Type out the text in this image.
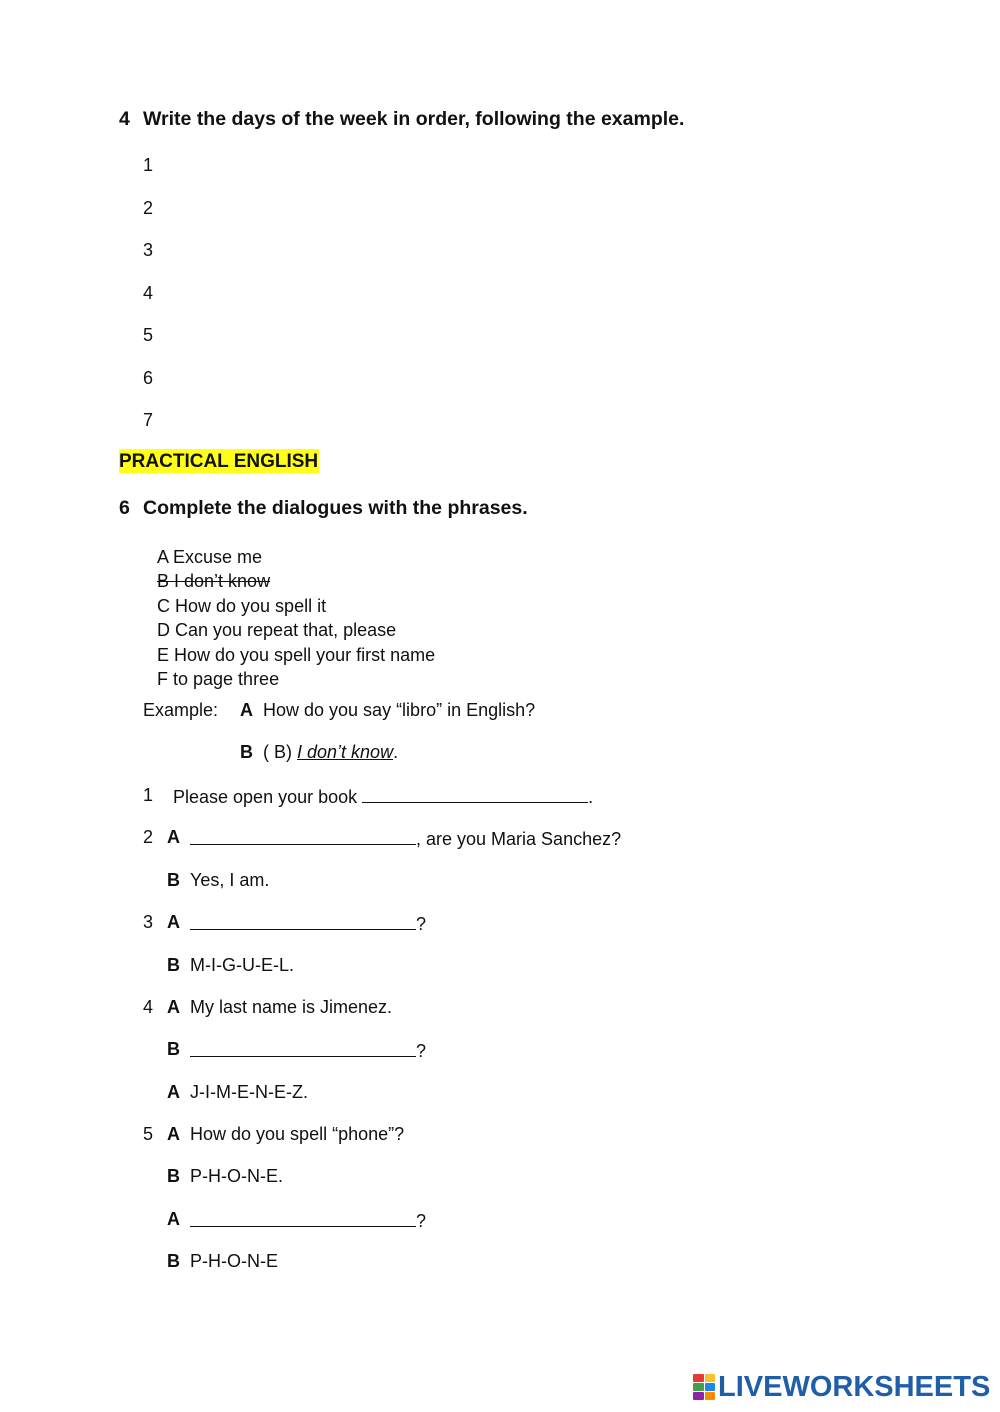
4 Write the days of the week in order, following the example.
1
2
3
4
5
6
7
PRACTICAL ENGLISH
6 Complete the dialogues with the phrases.
A Excuse me
B I don’t know
C How do you spell it
D Can you repeat that, please
E How do you spell your first name
F to page three
Example: A How do you say “libro” in English?
B ( B) I don’t know.
1 Please open your book	.
2 A	, are you Maria Sanchez?
B Yes, I am.
3 A	?
B M-I-G-U-E-L.
4 A My last name is Jimenez.
B	?
A J-I-M-E-N-E-Z.
5 A How do you spell “phone”?
B P-H-O-N-E.
A	?
B P-H-O-N-E
LIVEWORKSHEETS
